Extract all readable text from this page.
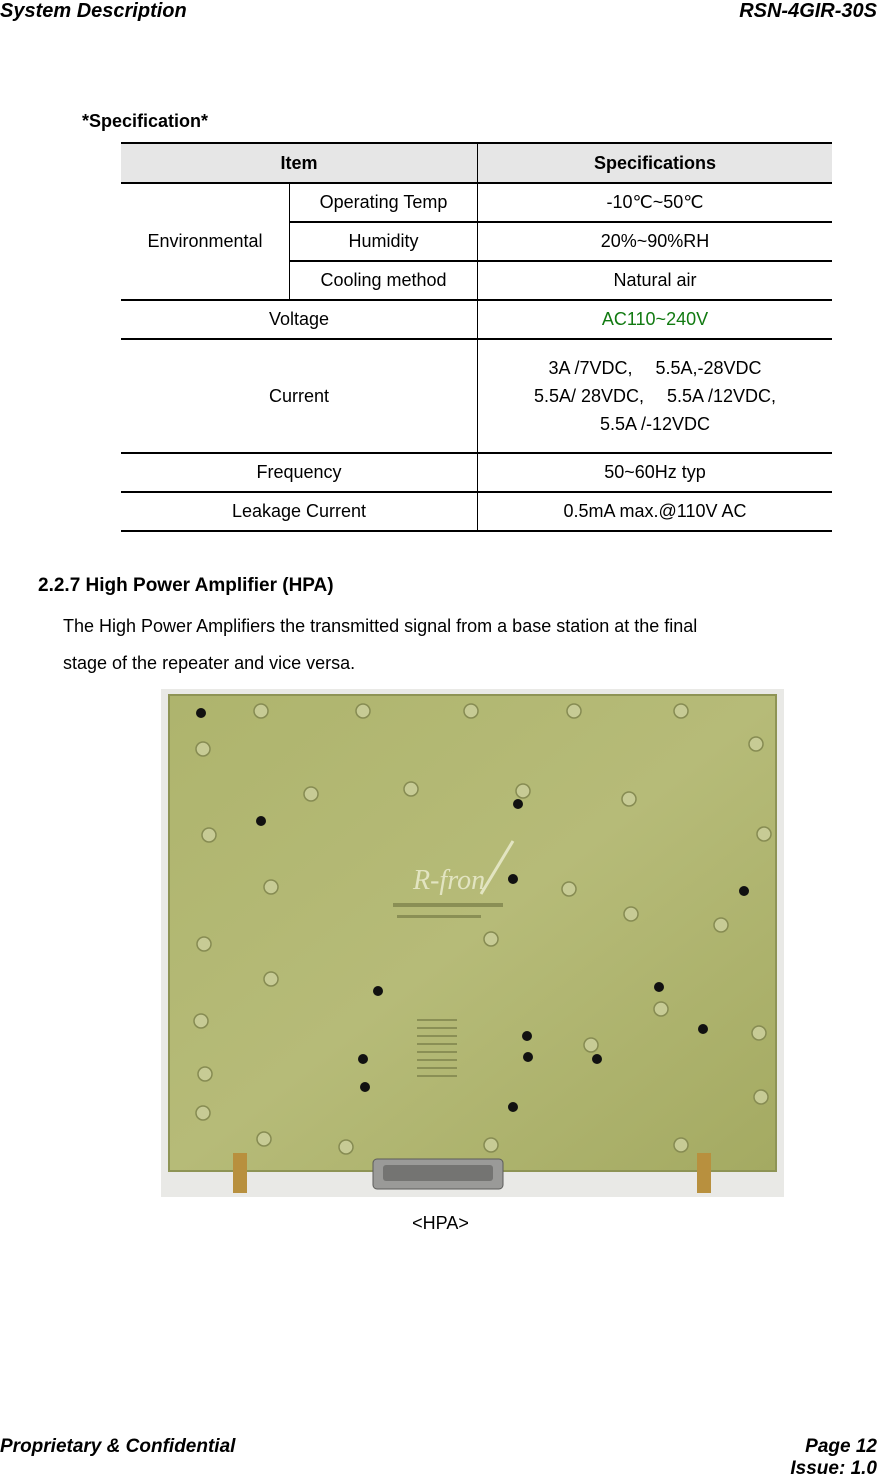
System Description	RSN-4GIR-30S
*Specification*
Item		Specifications
Environmental	Operating Temp	-10℃~50℃
	Humidity	20%~90%RH
	Cooling method	Natural air
Voltage		AC110~240V
Current		3A /7VDC,　 5.5A,-28VDC
5.5A/ 28VDC,　 5.5A /12VDC,
5.5A /-12VDC

Frequency		50~60Hz typ
Leakage Current		0.5mA max.@110V AC
2.2.7 High Power Amplifier (HPA)
The High Power Amplifiers the transmitted signal from a base station at the final
stage of the repeater and vice versa.
R-fron
<HPA>
Proprietary & Confidential	Page 12
Issue: 1.0
